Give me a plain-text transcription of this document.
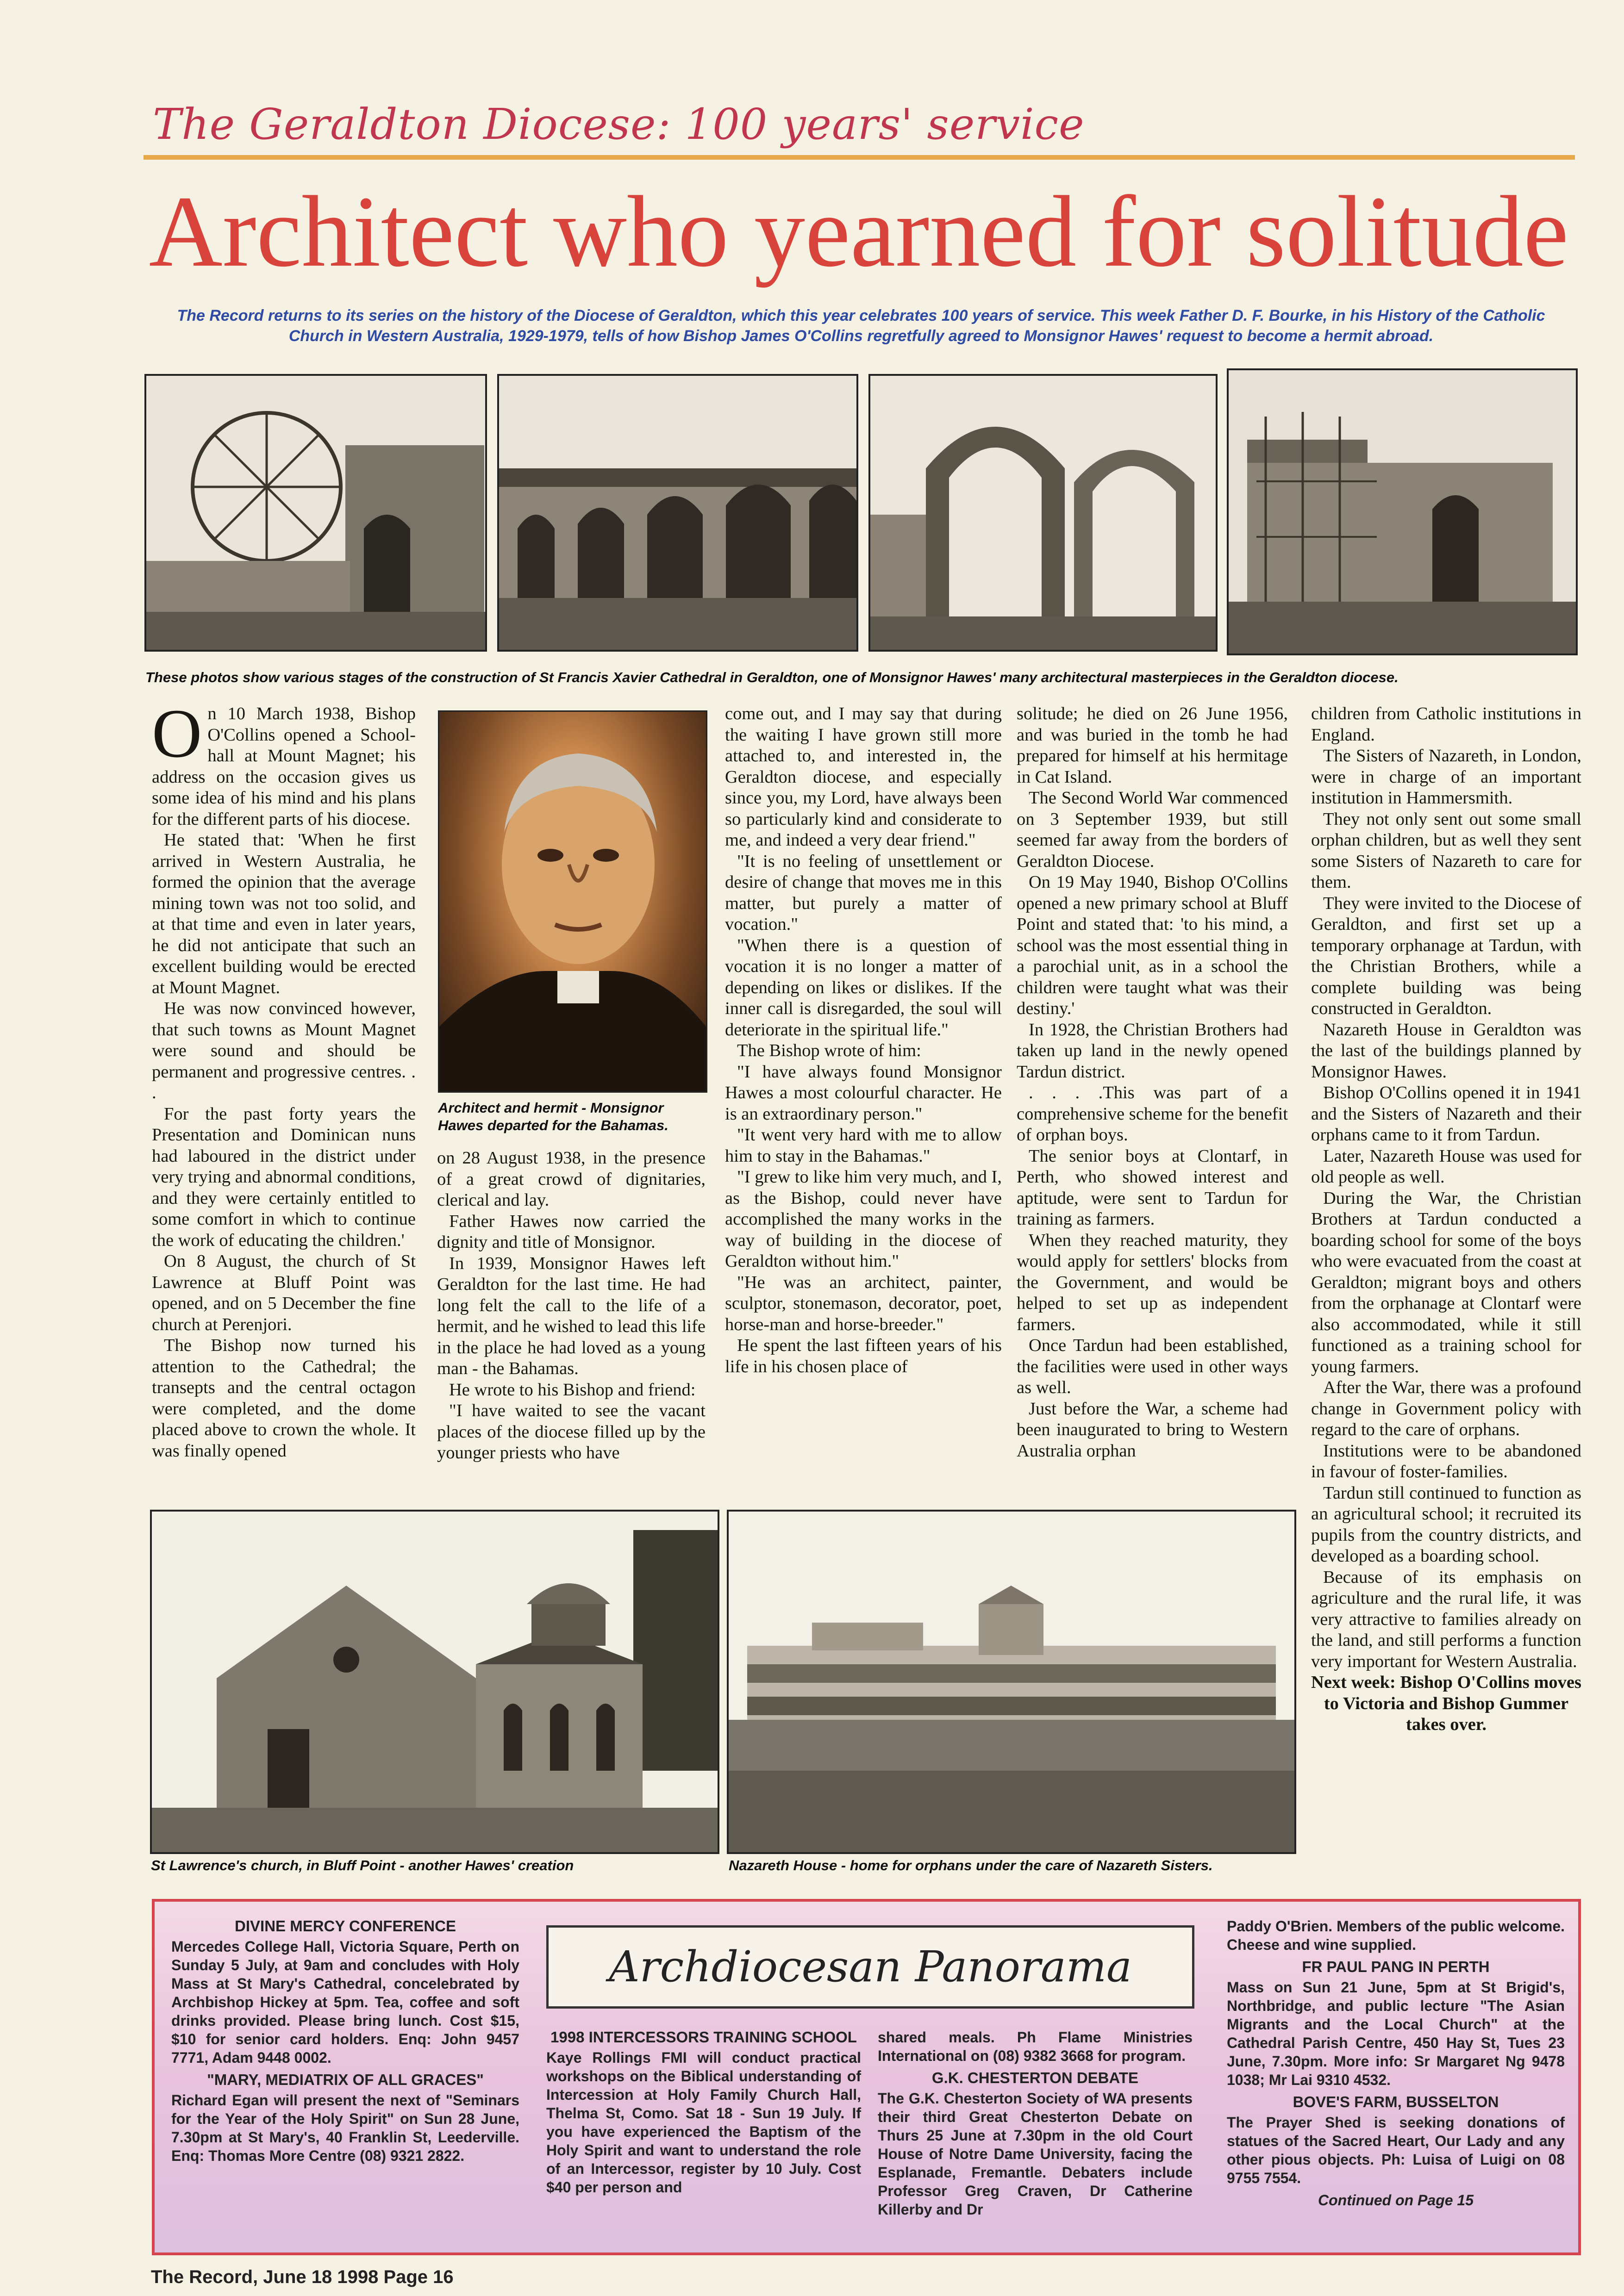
The Geraldton Diocese: 100 years' service
Architect who yearned for solitude
The Record returns to its series on the history of the Diocese of Geraldton, which this year celebrates 100 years of service. This week Father D. F. Bourke, in his History of the Catholic Church in Western Australia, 1929-1979, tells of how Bishop James O'Collins regretfully agreed to Monsignor Hawes' request to become a hermit abroad.
These photos show various stages of the construction of St Francis Xavier Cathedral in Geraldton, one of Monsignor Hawes' many architectural masterpieces in the Geraldton diocese.

On 10 March 1938, Bishop O'Collins opened a School-hall at Mount Magnet; his address on the occasion gives us some idea of his mind and his plans for the different parts of his diocese.

He stated that: 'When he first arrived in Western Australia, he formed the opinion that the average mining town was not too solid, and at that time and even in later years, he did not anticipate that such an excellent building would be erected at Mount Magnet.

He was now convinced however, that such towns as Mount Magnet were sound and should be permanent and progressive centres. . .

For the past forty years the Presentation and Dominican nuns had laboured in the district under very trying and abnormal conditions, and they were certainly entitled to some comfort in which to continue the work of educating the children.'

On 8 August, the church of St Lawrence at Bluff Point was opened, and on 5 December the fine church at Perenjori.

The Bishop now turned his attention to the Cathedral; the transepts and the central octagon were completed, and the dome placed above to crown the whole. It was finally opened

Architect and hermit - Monsignor Hawes departed for the Bahamas.

on 28 August 1938, in the presence of a great crowd of dignitaries, clerical and lay.

Father Hawes now carried the dignity and title of Monsignor.

In 1939, Monsignor Hawes left Geraldton for the last time. He had long felt the call to the life of a hermit, and he wished to lead this life in the place he had loved as a young man - the Bahamas.

He wrote to his Bishop and friend:

"I have waited to see the vacant places of the diocese filled up by the younger priests who have

come out, and I may say that during the waiting I have grown still more attached to, and interested in, the Geraldton diocese, and especially since you, my Lord, have always been so particularly kind and considerate to me, and indeed a very dear friend."

"It is no feeling of unsettlement or desire of change that moves me in this matter, but purely a matter of vocation."

"When there is a question of vocation it is no longer a matter of depending on likes or dislikes. If the inner call is disregarded, the soul will deteriorate in the spiritual life."

The Bishop wrote of him:

"I have always found Monsignor Hawes a most colourful character. He is an extraordinary person."

"It went very hard with me to allow him to stay in the Bahamas."

"I grew to like him very much, and I, as the Bishop, could never have accomplished the many works in the way of building in the diocese of Geraldton without him."

"He was an architect, painter, sculptor, stonemason, decorator, poet, horse-man and horse-breeder."

He spent the last fifteen years of his life in his chosen place of

solitude; he died on 26 June 1956, and was buried in the tomb he had prepared for himself at his hermitage in Cat Island.

The Second World War commenced on 3 September 1939, but still seemed far away from the borders of Geraldton Diocese.

On 19 May 1940, Bishop O'Collins opened a new primary school at Bluff Point and stated that: 'to his mind, a school was the most essential thing in a parochial unit, as in a school the children were taught what was their destiny.'

In 1928, the Christian Brothers had taken up land in the newly opened Tardun district.

. . . .This was part of a comprehensive scheme for the benefit of orphan boys.

The senior boys at Clontarf, in Perth, who showed interest and aptitude, were sent to Tardun for training as farmers.

When they reached maturity, they would apply for settlers' blocks from the Government, and would be helped to set up as independent farmers.

Once Tardun had been established, the facilities were used in other ways as well.

Just before the War, a scheme had been inaugurated to bring to Western Australia orphan

children from Catholic institutions in England.

The Sisters of Nazareth, in London, were in charge of an important institution in Hammersmith.

They not only sent out some small orphan children, but as well they sent some Sisters of Nazareth to care for them.

They were invited to the Diocese of Geraldton, and first set up a temporary orphanage at Tardun, with the Christian Brothers, while a complete building was being constructed in Geraldton.

Nazareth House in Geraldton was the last of the buildings planned by Monsignor Hawes.

Bishop O'Collins opened it in 1941 and the Sisters of Nazareth and their orphans came to it from Tardun.

Later, Nazareth House was used for old people as well.

During the War, the Christian Brothers at Tardun conducted a boarding school for some of the boys who were evacuated from the coast at Geraldton; migrant boys and others from the orphanage at Clontarf were also accommodated, while it still functioned as a training school for young farmers.

After the War, there was a profound change in Government policy with regard to the care of orphans.

Institutions were to be abandoned in favour of foster-families.

Tardun still continued to function as an agricultural school; it recruited its pupils from the country districts, and developed as a boarding school.

Because of its emphasis on agriculture and the rural life, it was very attractive to families already on the land, and still performs a function very important for Western Australia.

Next week: Bishop O'Collins moves to Victoria and Bishop Gummer takes over.

St Lawrence's church, in Bluff Point - another Hawes' creation	Nazareth House - home for orphans under the care of Nazareth Sisters.
Archdiocesan Panorama
DIVINE MERCY CONFERENCE

Mercedes College Hall, Victoria Square, Perth on Sunday 5 July, at 9am and concludes with Holy Mass at St Mary's Cathedral, concelebrated by Archbishop Hickey at 5pm. Tea, coffee and soft drinks provided. Please bring lunch. Cost $15, $10 for senior card holders. Enq: John 9457 7771, Adam 9448 0002.

"MARY, MEDIATRIX OF ALL GRACES"

Richard Egan will present the next of "Seminars for the Year of the Holy Spirit" on Sun 28 June, 7.30pm at St Mary's, 40 Franklin St, Leederville. Enq: Thomas More Centre (08) 9321 2822.

1998 INTERCESSORS TRAINING SCHOOL

Kaye Rollings FMI will conduct practical workshops on the Biblical understanding of Intercession at Holy Family Church Hall, Thelma St, Como. Sat 18 - Sun 19 July. If you have experienced the Baptism of the Holy Spirit and want to understand the role of an Intercessor, register by 10 July. Cost $40 per person and

shared meals. Ph Flame Ministries International on (08) 9382 3668 for program.

G.K. CHESTERTON DEBATE

The G.K. Chesterton Society of WA presents their third Great Chesterton Debate on Thurs 25 June at 7.30pm in the old Court House of Notre Dame University, facing the Esplanade, Fremantle. Debaters include Professor Greg Craven, Dr Catherine Killerby and Dr

Paddy O'Brien. Members of the public welcome. Cheese and wine supplied.

FR PAUL PANG IN PERTH

Mass on Sun 21 June, 5pm at St Brigid's, Northbridge, and public lecture "The Asian Migrants and the Local Church" at the Cathedral Parish Centre, 450 Hay St, Tues 23 June, 7.30pm. More info: Sr Margaret Ng 9478 1038; Mr Lai 9310 4532.

BOVE'S FARM, BUSSELTON

The Prayer Shed is seeking donations of statues of the Sacred Heart, Our Lady and any other pious objects. Ph: Luisa of Luigi on 08 9755 7554.

Continued on Page 15

The Record, June 18 1998 Page 16
